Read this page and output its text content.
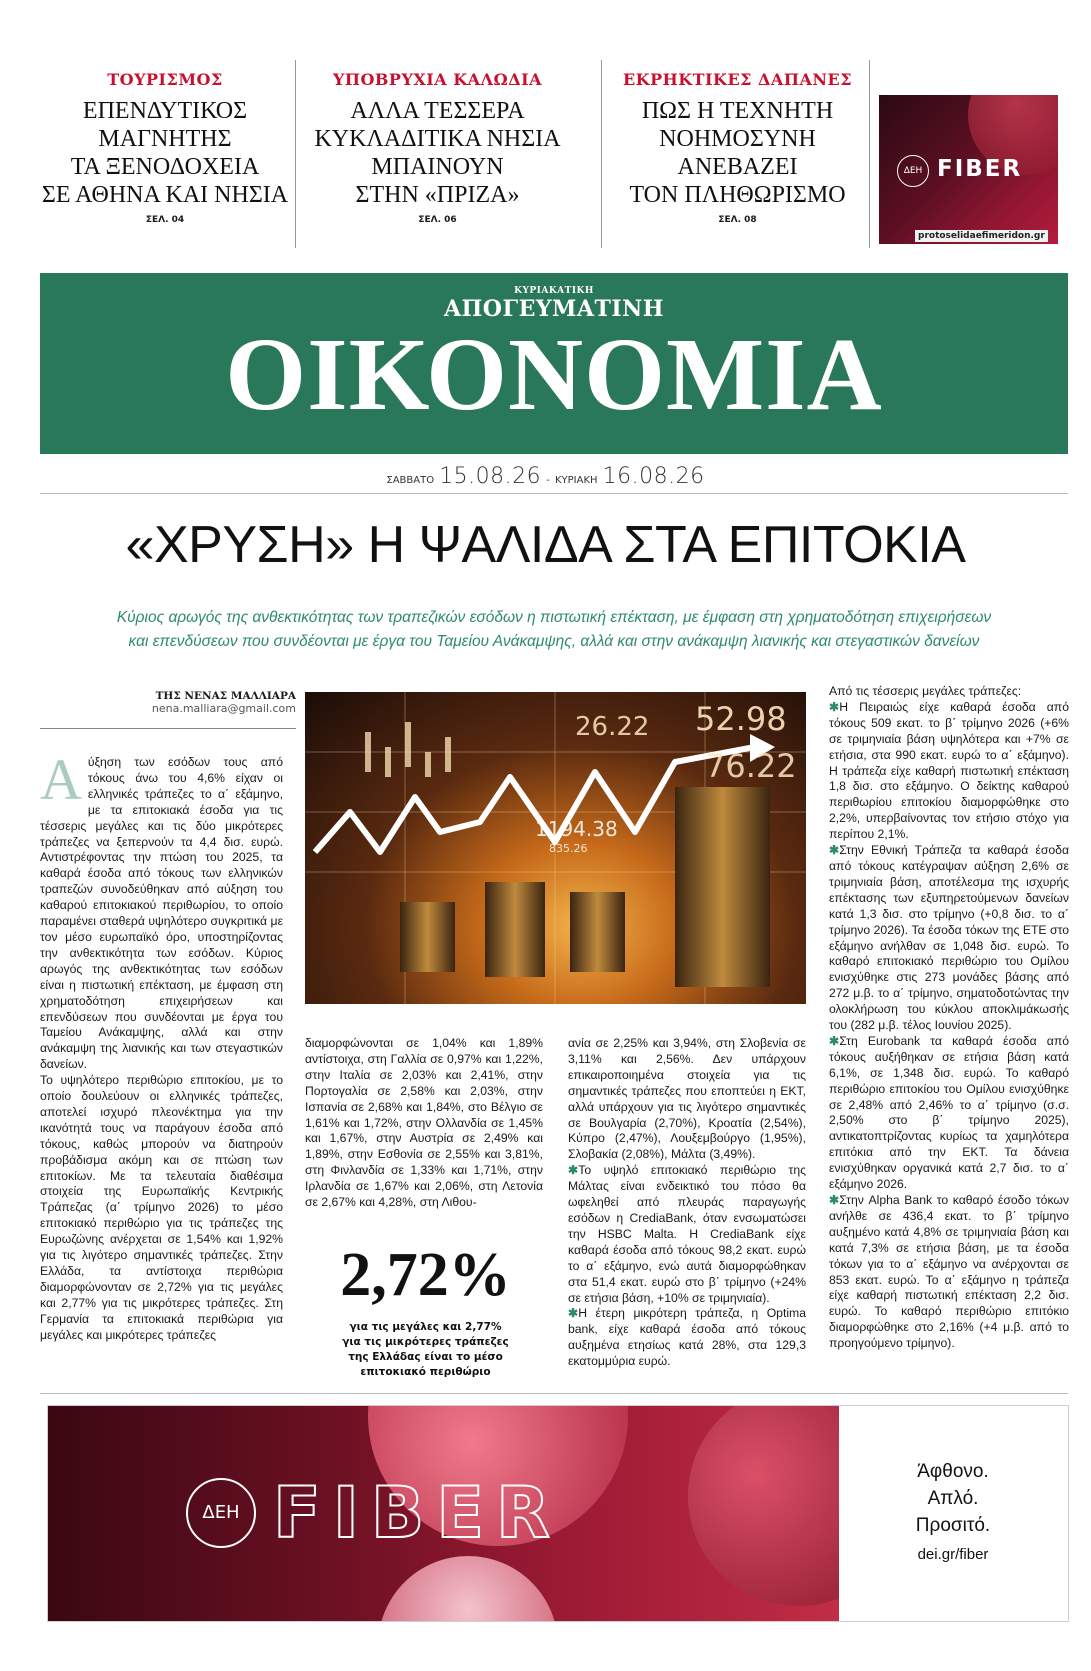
ΤΟΥΡΙΣΜΟΣ
ΕΠΕΝΔΥΤΙΚΟΣ
ΜΑΓΝΗΤΗΣ
ΤΑ ΞΕΝΟΔΟΧΕΙΑ
ΣΕ ΑΘΗΝΑ ΚΑΙ ΝΗΣΙΑ
ΣΕΛ. 04
ΥΠΟΒΡΥΧΙΑ ΚΑΛΩΔΙΑ
ΑΛΛΑ ΤΕΣΣΕΡΑ
ΚΥΚΛΑΔΙΤΙΚΑ ΝΗΣΙΑ
ΜΠΑΙΝΟΥΝ
ΣΤΗΝ «ΠΡΙΖΑ»
ΣΕΛ. 06
ΕΚΡΗΚΤΙΚΕΣ ΔΑΠΑΝΕΣ
ΠΩΣ Η ΤΕΧΝΗΤΗ
ΝΟΗΜΟΣΥΝΗ
ΑΝΕΒΑΖΕΙ
ΤΟΝ ΠΛΗΘΩΡΙΣΜΟ
ΣΕΛ. 08
ΔΕΗ FIBER
protoselidaefimeridon.gr
ΚΥΡΙΑΚΑΤΙΚΗ
ΑΠΟΓΕΥΜΑΤΙΝΗ
ΟΙΚΟΝΟΜΙΑ
ΣΑΒΒΑΤΟ 15.08.26 - ΚΥΡΙΑΚΗ 16.08.26
«ΧΡΥΣΗ» Η ΨΑΛΙΔΑ ΣΤΑ ΕΠΙΤΟΚΙΑ
Κύριος αρωγός της ανθεκτικότητας των τραπεζικών εσόδων η πιστωτική επέκταση, με έμφαση στη χρηματοδότηση επιχειρήσεων
και επενδύσεων που συνδέονται με έργα του Ταμείου Ανάκαμψης, αλλά και στην ανάκαμψη λιανικής και στεγαστικών δανείων
ΤΗΣ ΝΕΝΑΣ ΜΑΛΛΙΑΡΑ
nena.malliara@gmail.com

Αύξηση των εσόδων τους από τόκους άνω του 4,6% είχαν οι ελληνικές τράπεζες το α΄ εξάμηνο, με τα επιτοκιακά έσοδα για τις τέσσερις μεγάλες και τις δύο μικρότερες τράπεζες να ξεπερνούν τα 4,4 δισ. ευρώ. Αντιστρέφοντας την πτώση του 2025, τα καθαρά έσοδα από τόκους των ελληνικών τραπεζών συνοδεύθηκαν από αύξηση του καθαρού επιτοκιακού περιθωρίου, το οποίο παραμένει σταθερά υψηλότερο συγκριτικά με τον μέσο ευρωπαϊκό όρο, υποστηρίζοντας την ανθεκτικότητα των εσόδων. Κύριος αρωγός της ανθεκτικότητας των εσόδων είναι η πιστωτική επέκταση, με έμφαση στη χρηματοδότηση επιχειρήσεων και επενδύσεων που συνδέονται με έργα του Ταμείου Ανάκαμψης, αλλά και στην ανάκαμψη της λιανικής και των στεγαστικών δανείων.

Το υψηλότερο περιθώριο επιτοκίου, με το οποίο δουλεύουν οι ελληνικές τράπεζες, αποτελεί ισχυρό πλεονέκτημα για την ικανότητά τους να παράγουν έσοδα από τόκους, καθώς μπορούν να διατηρούν προβάδισμα ακόμη και σε πτώση των επιτοκίων. Με τα τελευταία διαθέσιμα στοιχεία της Ευρωπαϊκής Κεντρικής Τράπεζας (α΄ τρίμηνο 2026) το μέσο επιτοκιακό περιθώριο για τις τράπεζες της Ευρωζώνης ανέρχεται σε 1,54% και 1,92% για τις λιγότερο σημαντικές τράπεζες. Στην Ελλάδα, τα αντίστοιχα περιθώρια διαμορφώνονταν σε 2,72% για τις μεγάλες και 2,77% για τις μικρότερες τράπεζες. Στη Γερμανία τα επιτοκιακά περιθώρια για μεγάλες και μικρότερες τράπεζες

52.98
26.22
76.22
1194.38
835.26

διαμορφώνονται σε 1,04% και 1,89% αντίστοιχα, στη Γαλλία σε 0,97% και 1,22%, στην Ιταλία σε 2,03% και 2,41%, στην Πορτογαλία σε 2,58% και 2,03%, στην Ισπανία σε 2,68% και 1,84%, στο Βέλγιο σε 1,61% και 1,72%, στην Ολλανδία σε 1,45% και 1,67%, στην Αυστρία σε 2,49% και 1,89%, στην Εσθονία σε 2,55% και 3,81%, στη Φινλανδία σε 1,33% και 1,71%, στην Ιρλανδία σε 1,67% και 2,06%, στη Λετονία σε 2,67% και 4,28%, στη Λιθου-

2,72%
για τις μεγάλες και 2,77%
για τις μικρότερες τράπεζες
της Ελλάδας είναι το μέσο
επιτοκιακό περιθώριο

ανία σε 2,25% και 3,94%, στη Σλοβενία σε 3,11% και 2,56%. Δεν υπάρχουν επικαιροποιημένα στοιχεία για τις σημαντικές τράπεζες που εποπτεύει η ΕΚΤ, αλλά υπάρχουν για τις λιγότερο σημαντικές σε Βουλγαρία (2,70%), Κροατία (2,54%), Κύπρο (2,47%), Λουξεμβούργο (1,95%), Σλοβακία (2,08%), Μάλτα (3,49%).

✱Το υψηλό επιτοκιακό περιθώριο της Μάλτας είναι ενδεικτικό του πόσο θα ωφεληθεί από πλευράς παραγωγής εσόδων η CrediaBank, όταν ενσωματώσει την HSBC Malta. Η CrediaBank είχε καθαρά έσοδα από τόκους 98,2 εκατ. ευρώ το α΄ εξάμηνο, ενώ αυτά διαμορφώθηκαν στα 51,4 εκατ. ευρώ στο β΄ τρίμηνο (+24% σε ετήσια βάση, +10% σε τριμηνιαία).

✱Η έτερη μικρότερη τράπεζα, η Optima bank, είχε καθαρά έσοδα από τόκους αυξημένα ετησίως κατά 28%, στα 129,3 εκατομμύρια ευρώ.

Από τις τέσσερις μεγάλες τράπεζες:

✱Η Πειραιώς είχε καθαρά έσοδα από τόκους 509 εκατ. το β΄ τρίμηνο 2026 (+6% σε τριμηνιαία βάση υψηλότερα και +7% σε ετήσια, στα 990 εκατ. ευρώ το α΄ εξάμηνο). Η τράπεζα είχε καθαρή πιστωτική επέκταση 1,8 δισ. στο εξάμηνο. Ο δείκτης καθαρού περιθωρίου επιτοκίου διαμορφώθηκε στο 2,2%, υπερβαίνοντας τον ετήσιο στόχο για περίπου 2,1%.

✱Στην Εθνική Τράπεζα τα καθαρά έσοδα από τόκους κατέγραψαν αύξηση 2,6% σε τριμηνιαία βάση, αποτέλεσμα της ισχυρής επέκτασης των εξυπηρετούμενων δανείων κατά 1,3 δισ. στο τρίμηνο (+0,8 δισ. το α΄ τρίμηνο 2026). Τα έσοδα τόκων της ΕΤΕ στο εξάμηνο ανήλθαν σε 1,048 δισ. ευρώ. Το καθαρό επιτοκιακό περιθώριο του Ομίλου ενισχύθηκε στις 273 μονάδες βάσης από 272 μ.β. το α΄ τρίμηνο, σηματοδοτώντας την ολοκλήρωση του κύκλου αποκλιμάκωσής του (282 μ.β. τέλος Ιουνίου 2025).

✱Στη Eurobank τα καθαρά έσοδα από τόκους αυξήθηκαν σε ετήσια βάση κατά 6,1%, σε 1,348 δισ. ευρώ. Το καθαρό περιθώριο επιτοκίου του Ομίλου ενισχύθηκε σε 2,48% από 2,46% το α΄ τρίμηνο (σ.σ. 2,50% στο β΄ τρίμηνο 2025), αντικατοπτρίζοντας κυρίως τα χαμηλότερα επιτόκια από την ΕΚΤ. Τα δάνεια ενισχύθηκαν οργανικά κατά 2,7 δισ. το α΄ εξάμηνο 2026.

✱Στην Alpha Bank το καθαρό έσοδο τόκων ανήλθε σε 436,4 εκατ. το β΄ τρίμηνο αυξημένο κατά 4,8% σε τριμηνιαία βάση και κατά 7,3% σε ετήσια βάση, με τα έσοδα τόκων για το α΄ εξάμηνο να ανέρχονται σε 853 εκατ. ευρώ. Το α΄ εξάμηνο η τράπεζα είχε καθαρή πιστωτική επέκταση 2,2 δισ. ευρώ. Το καθαρό περιθώριο επιτόκιο διαμορφώθηκε στο 2,16% (+4 μ.β. από το προηγούμενο τρίμηνο).

ΔΕΗ FIBER
Άφθονο.
Απλό.
Προσιτό.
dei.gr/fiber
